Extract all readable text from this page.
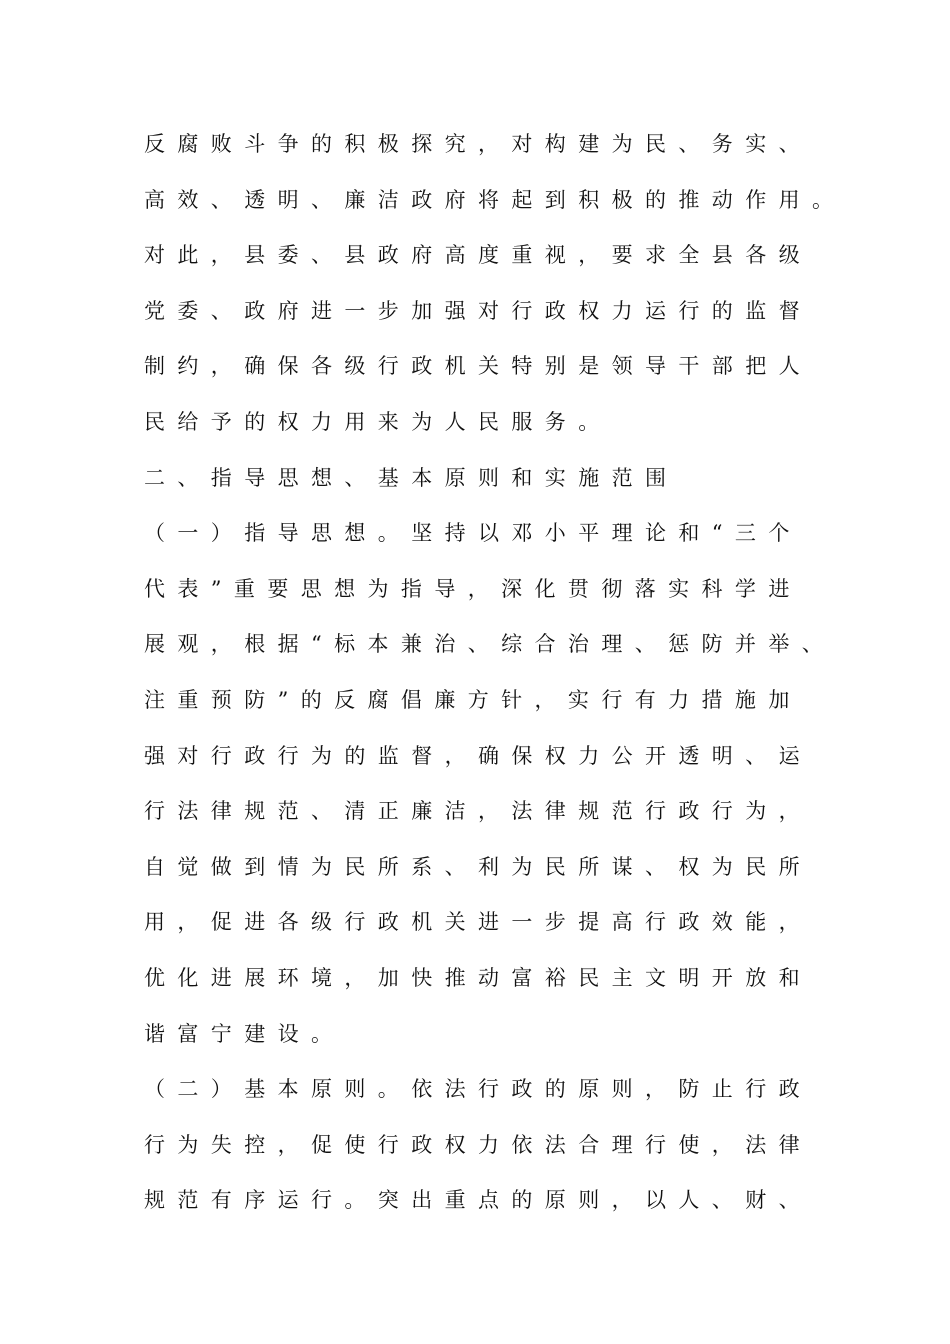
反腐败斗争的积极探究，对构建为民、务实、
高效、透明、廉洁政府将起到积极的推动作用。
对此，县委、县政府高度重视，要求全县各级
党委、政府进一步加强对行政权力运行的监督
制约，确保各级行政机关特别是领导干部把人
民给予的权力用来为人民服务。
二、指导思想、基本原则和实施范围
（一）指导思想。坚持以邓小平理论和“三个
代表”重要思想为指导，深化贯彻落实科学进
展观，根据“标本兼治、综合治理、惩防并举、
注重预防”的反腐倡廉方针，实行有力措施加
强对行政行为的监督，确保权力公开透明、运
行法律规范、清正廉洁，法律规范行政行为，
自觉做到情为民所系、利为民所谋、权为民所
用，促进各级行政机关进一步提高行政效能，
优化进展环境，加快推动富裕民主文明开放和
谐富宁建设。
（二）基本原则。依法行政的原则，防止行政
行为失控，促使行政权力依法合理行使，法律
规范有序运行。突出重点的原则，以人、财、
